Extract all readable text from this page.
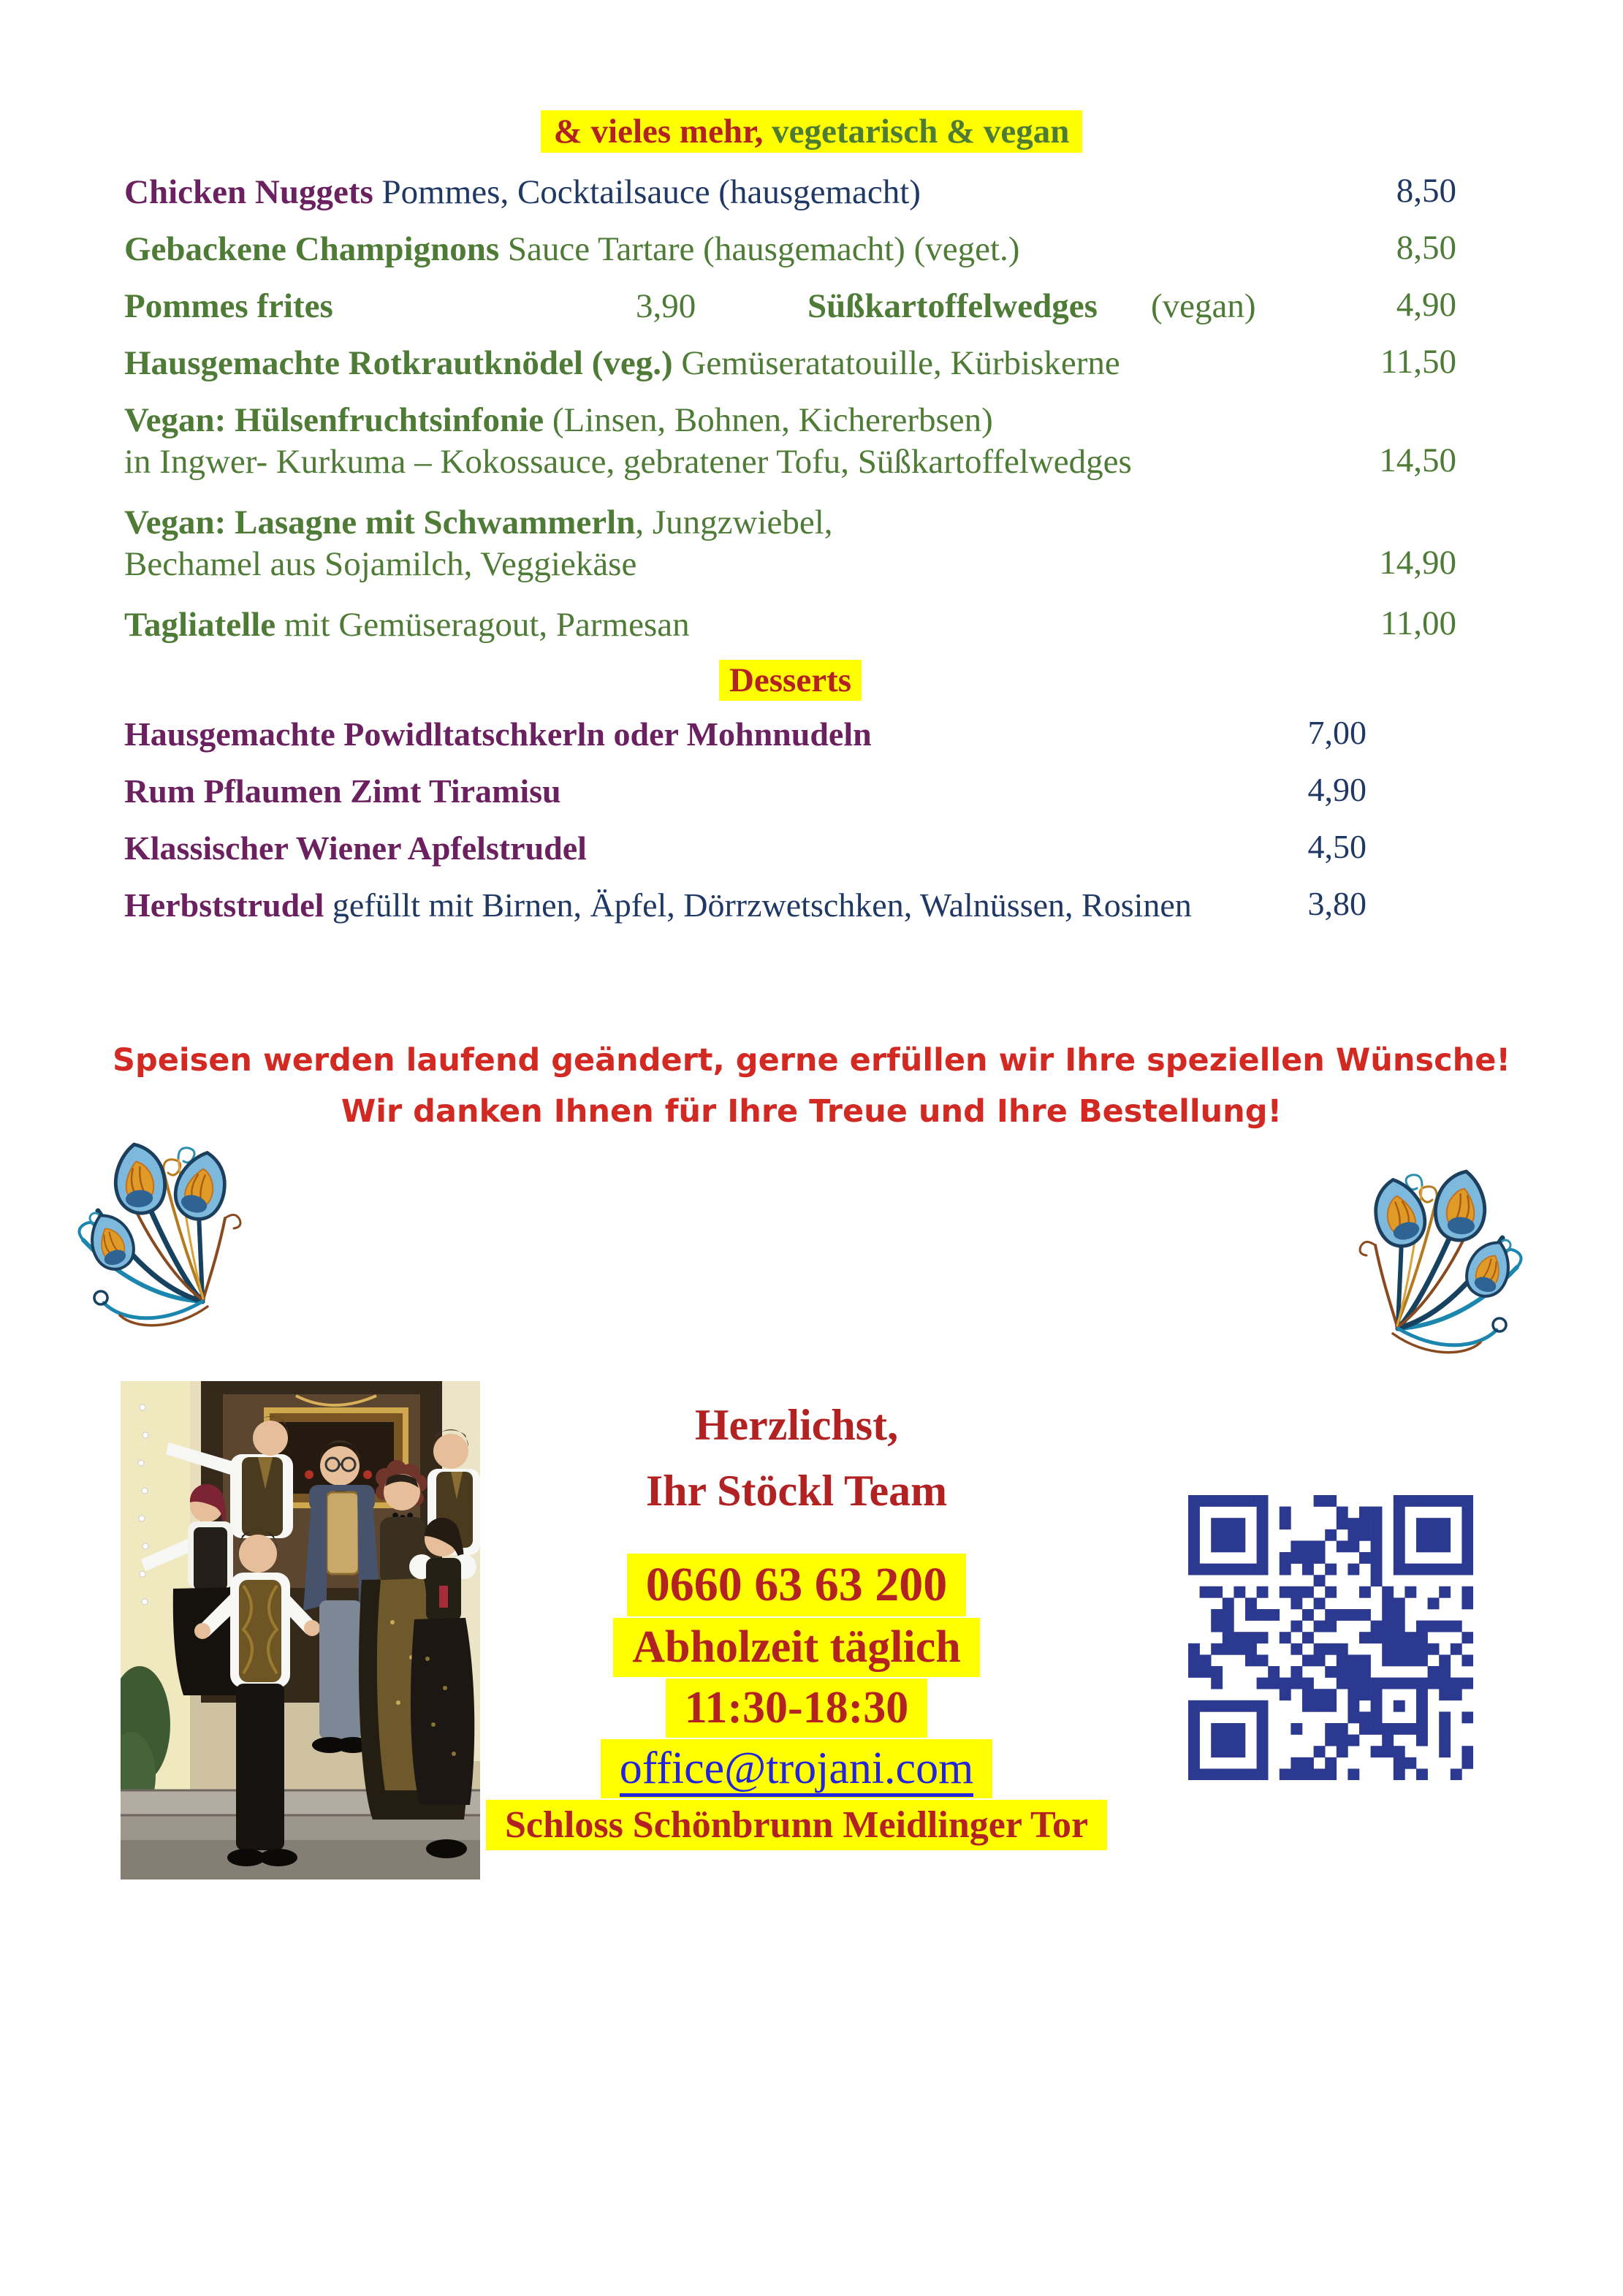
& vieles mehr, vegetarisch & vegan
Chicken Nuggets Pommes, Cocktailsauce (hausgemacht)	8,50
Gebackene Champignons Sauce Tartare (hausgemacht) (veget.)	8,50
Pommes frites	3,90	Süßkartoffelwedges (vegan)	4,90
Hausgemachte Rotkrautknödel (veg.) Gemüseratatouille, Kürbiskerne	11,50
Vegan: Hülsenfruchtsinfonie (Linsen, Bohnen, Kichererbsen)
in Ingwer- Kurkuma – Kokossauce, gebratener Tofu, Süßkartoffelwedges	14,50
Vegan: Lasagne mit Schwammerln, Jungzwiebel,
Bechamel aus Sojamilch, Veggiekäse	14,90
Tagliatelle mit Gemüseragout, Parmesan	11,00
Desserts
Hausgemachte Powidltatschkerln oder Mohnnudeln	7,00
Rum Pflaumen Zimt Tiramisu	4,90
Klassischer Wiener Apfelstrudel	4,50
Herbststrudel gefüllt mit Birnen, Äpfel, Dörrzwetschken, Walnüssen, Rosinen	3,80
Speisen werden laufend geändert, gerne erfüllen wir Ihre speziellen Wünsche!
Wir danken Ihnen für Ihre Treue und Ihre Bestellung!
Herzlichst,
Ihr Stöckl Team
0660 63 63 200
Abholzeit täglich
11:30-18:30
office@trojani.com
Schloss Schönbrunn Meidlinger Tor
